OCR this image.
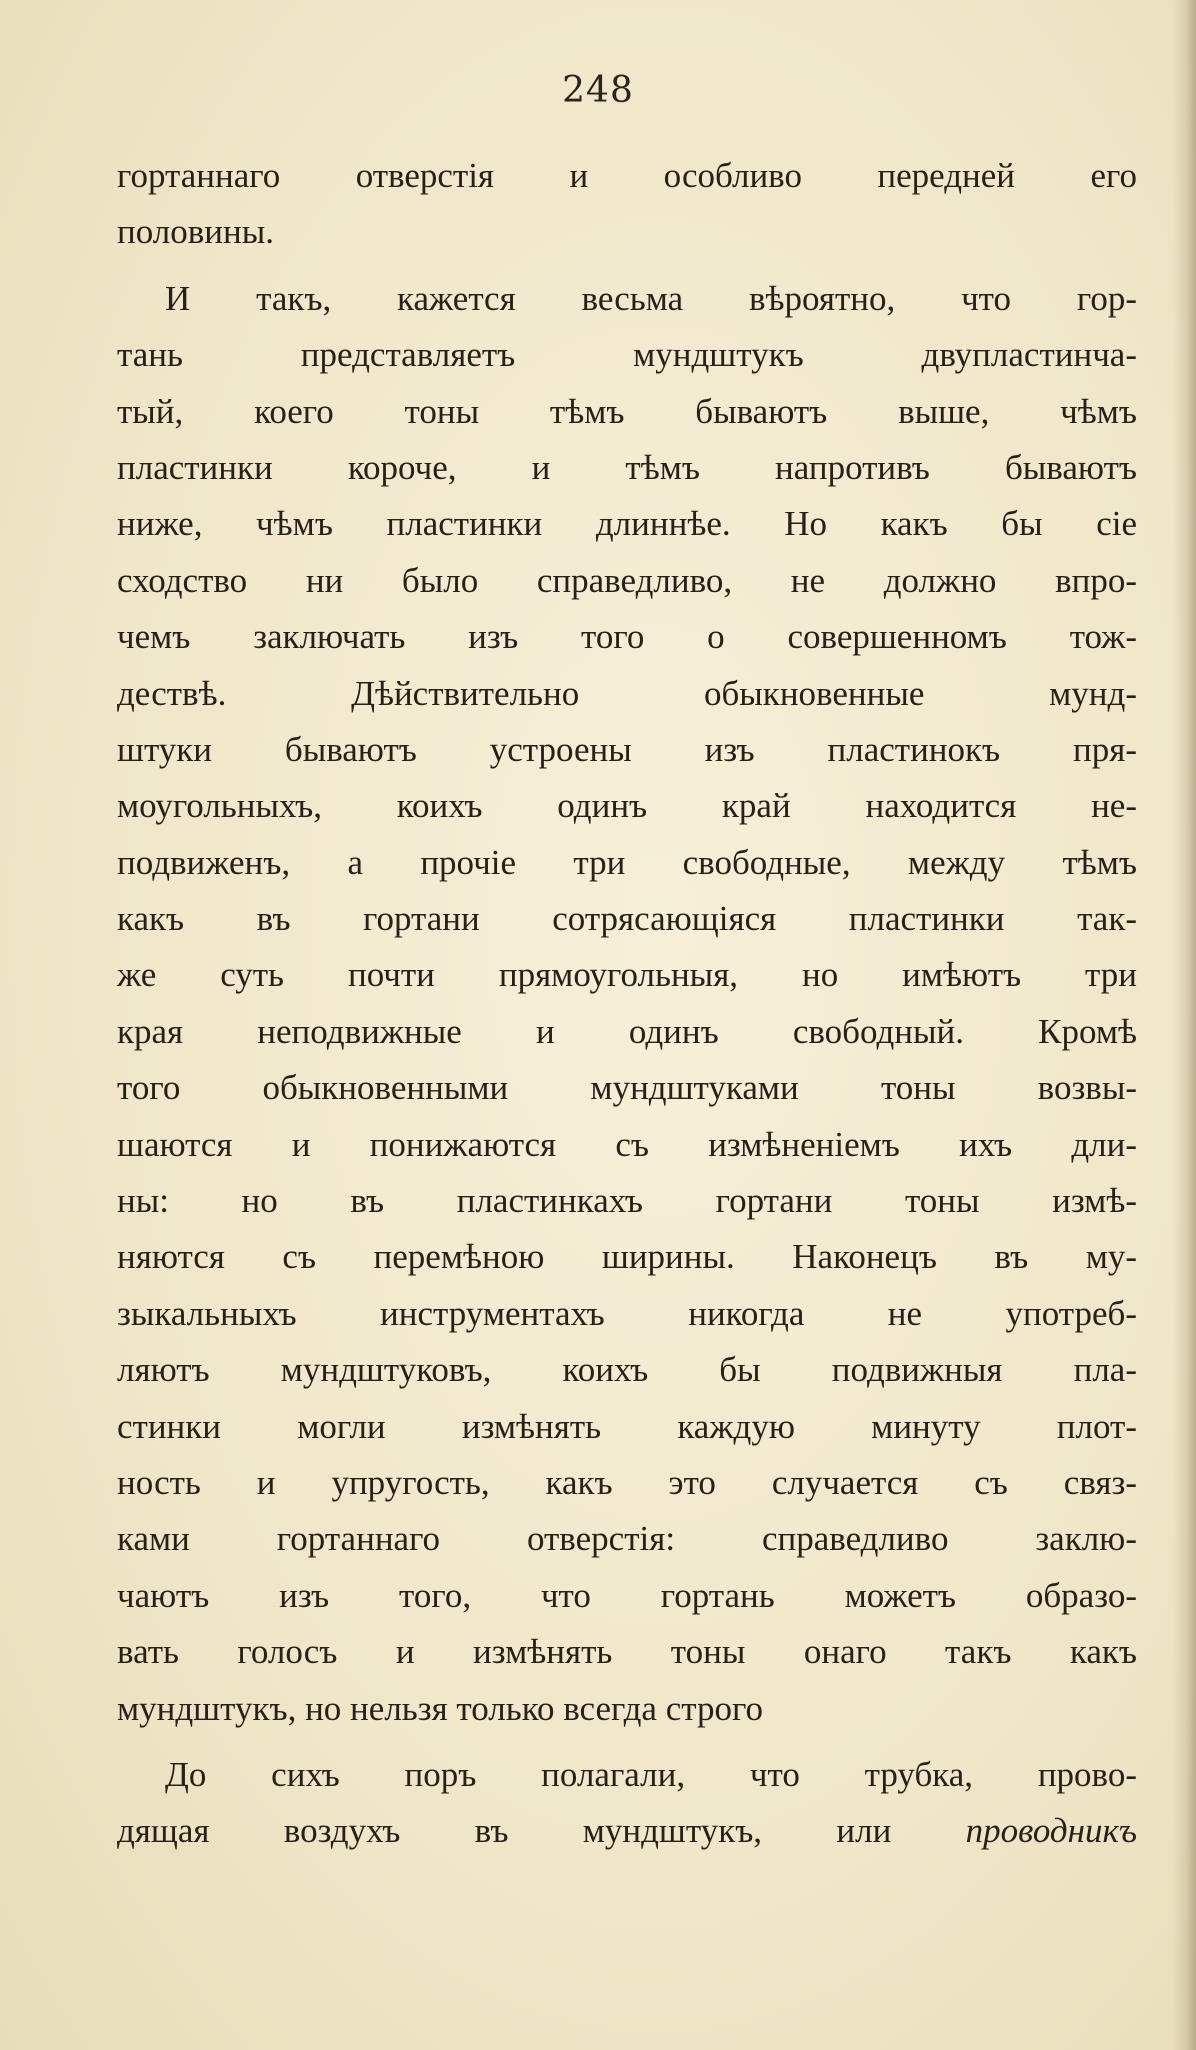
248
гортаннаго отверстія и особливо передней его
половины.
И такъ, кажется весьма вѣроятно, что гор-
тань представляетъ мундштукъ двупластинча-
тый, коего тоны тѣмъ бываютъ выше, чѣмъ
пластинки короче, и тѣмъ напротивъ бываютъ
ниже, чѣмъ пластинки длиннѣе. Но какъ бы сіе
сходство ни было справедливо, не должно впро-
чемъ заключать изъ того о совершенномъ тож-
дествѣ. Дѣйствительно обыкновенные мунд-
штуки бываютъ устроены изъ пластинокъ пря-
моугольныхъ, коихъ одинъ край находится не-
подвиженъ, а прочіе три свободные, между тѣмъ
какъ въ гортани сотрясающіяся пластинки так-
же суть почти прямоугольныя, но имѣютъ три
края неподвижные и одинъ свободный. Кромѣ
того обыкновенными мундштуками тоны возвы-
шаются и понижаются съ измѣненіемъ ихъ дли-
ны: но въ пластинкахъ гортани тоны измѣ-
няются съ перемѣною ширины. Наконецъ въ му-
зыкальныхъ инструментахъ никогда не употреб-
ляютъ мундштуковъ, коихъ бы подвижныя пла-
стинки могли измѣнять каждую минуту плот-
ность и упругость, какъ это случается съ связ-
ками гортаннаго отверстія: справедливо заклю-
чаютъ изъ того, что гортань можетъ образо-
вать голосъ и измѣнять тоны онаго такъ какъ
мундштукъ, но нельзя только всегда строго
До сихъ поръ полагали, что трубка, прово-
дящая воздухъ въ мундштукъ, или проводникъ
